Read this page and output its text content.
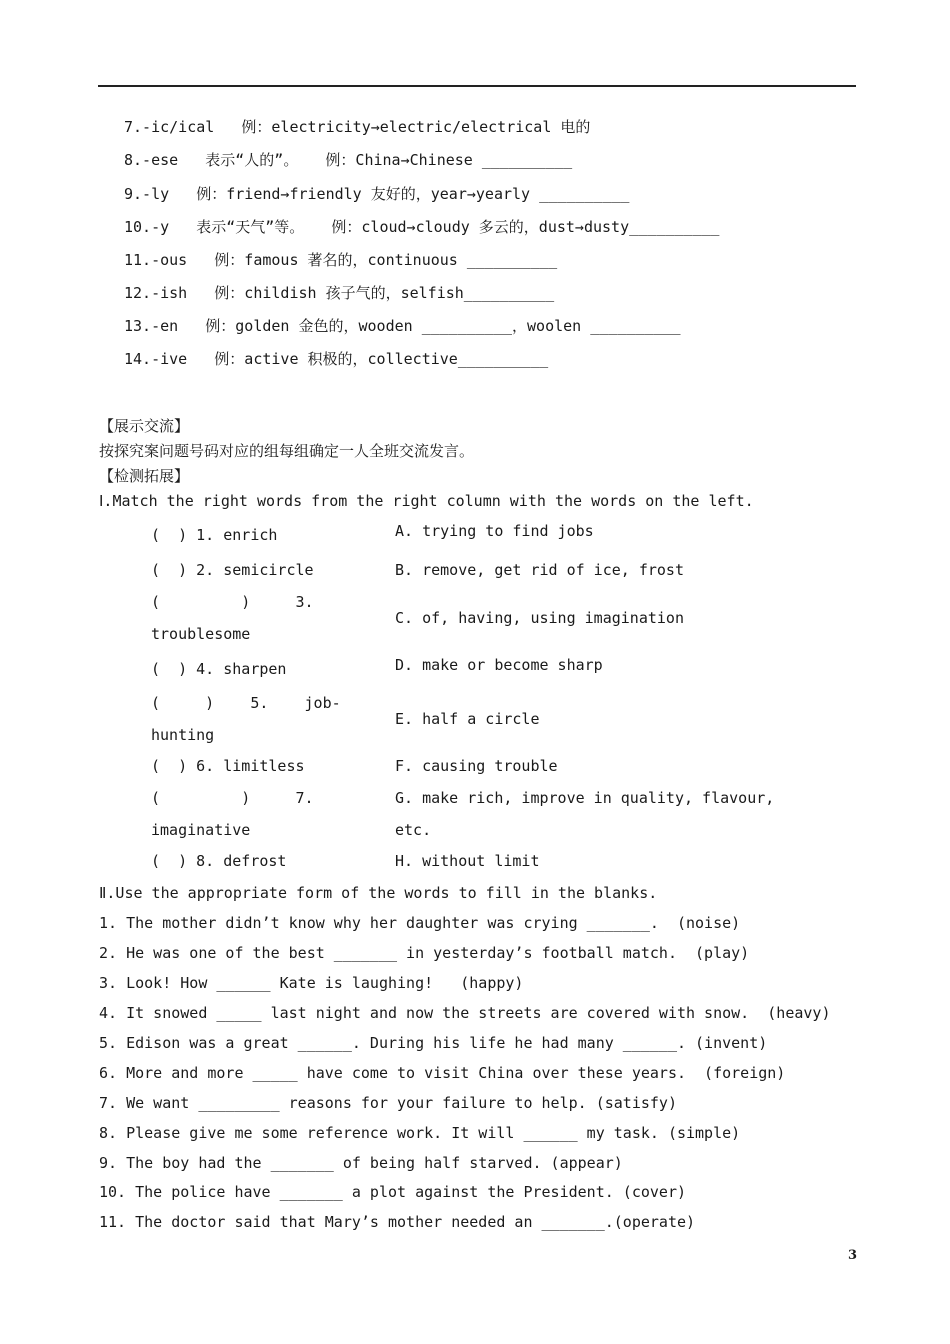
7.-ic/ical   例：electricity→electric/electrical 电的
8.-ese   表示“人的”。   例：China→Chinese __________
9.-ly   例：friend→friendly 友好的，year→yearly __________
10.-y   表示“天气”等。   例：cloud→cloudy 多云的，dust→dusty__________
11.-ous   例：famous 著名的，continuous __________
12.-ish   例：childish 孩子气的，selfish__________
13.-en   例：golden 金色的，wooden __________，woolen __________
14.-ive   例：active 积极的，collective__________
【展示交流】
按探究案问题号码对应的组每组确定一人全班交流发言。
【检测拓展】
Ⅰ.Match the right words from the right column with the words on the left.
(  ) 1. enrich
(  ) 2. semicircle
(         )     3.
troublesome
(  ) 4. sharpen
(     )    5.    job-
hunting
(  ) 6. limitless
(         )     7.
imaginative
(  ) 8. defrost
A. trying to find jobs
B. remove, get rid of ice, frost
C. of, having, using imagination
D. make or become sharp
E. half a circle
F. causing trouble
G. make rich, improve in quality, flavour,
etc.
H. without limit
Ⅱ.Use the appropriate form of the words to fill in the blanks.
1. The mother didn’t know why her daughter was crying _______.  (noise)
2. He was one of the best _______ in yesterday’s football match.  (play)
3. Look! How ______ Kate is laughing!   (happy)
4. It snowed _____ last night and now the streets are covered with snow.  (heavy)
5. Edison was a great ______. During his life he had many ______. (invent)
6. More and more _____ have come to visit China over these years.  (foreign)
7. We want _________ reasons for your failure to help. (satisfy)
8. Please give me some reference work. It will ______ my task. (simple)
9. The boy had the _______ of being half starved. (appear)
10. The police have _______ a plot against the President. (cover)
11. The doctor said that Mary’s mother needed an _______.(operate)
3
